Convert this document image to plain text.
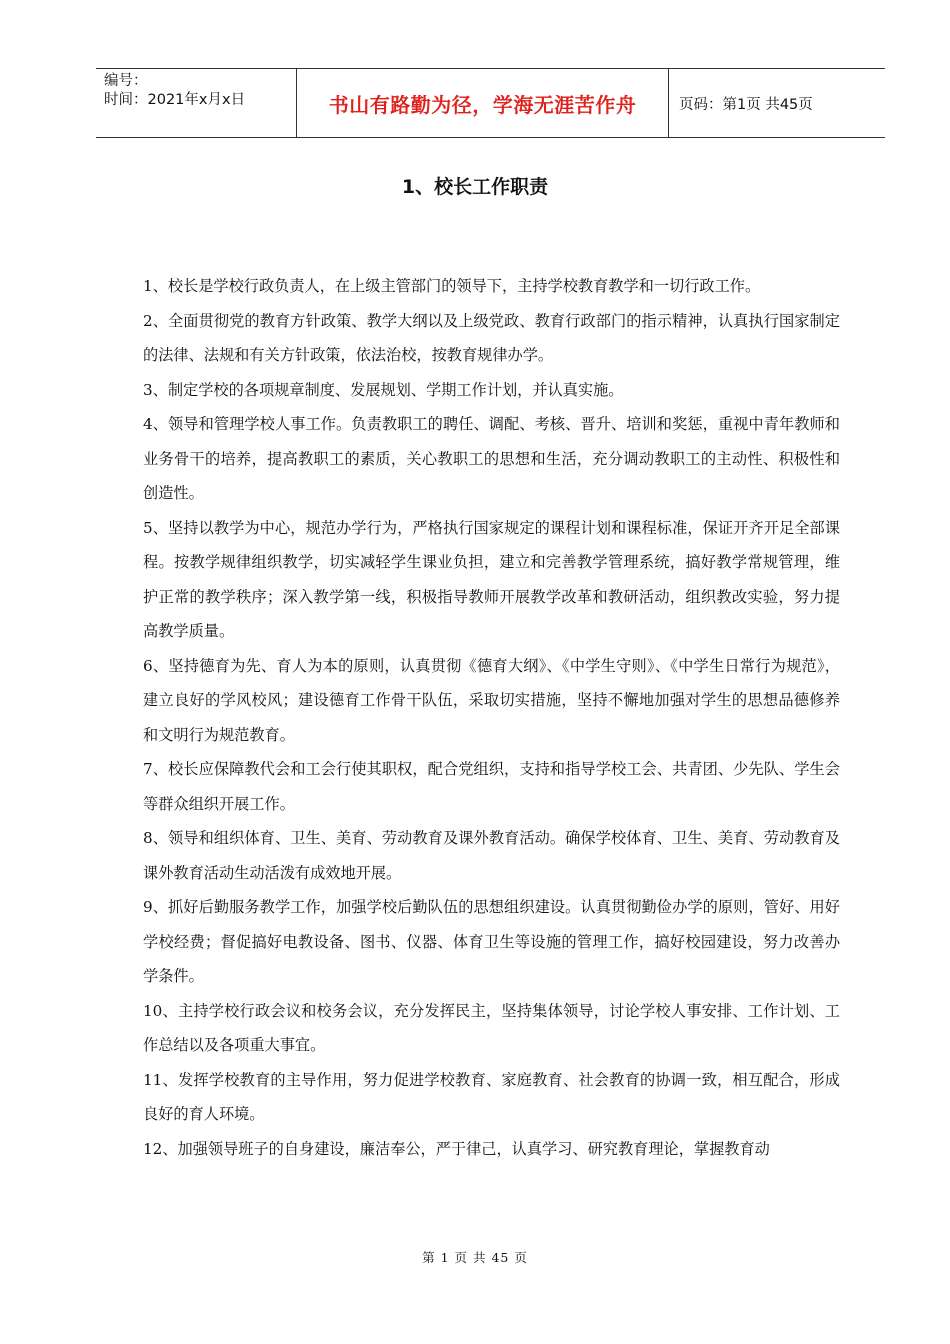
编号：
时间：2021年x月x日	书山有路勤为径，学海无涯苦作舟	页码：第1页 共45页
1、校长工作职责

1、校长是学校行政负责人，在上级主管部门的领导下，主持学校教育教学和一切行政工作。

2、全面贯彻党的教育方针政策、教学大纲以及上级党政、教育行政部门的指示精神，认真执行国家制定的法律、法规和有关方针政策，依法治校，按教育规律办学。

3、制定学校的各项规章制度、发展规划、学期工作计划，并认真实施。

4、领导和管理学校人事工作。负责教职工的聘任、调配、考核、晋升、培训和奖惩，重视中青年教师和业务骨干的培养，提高教职工的素质，关心教职工的思想和生活，充分调动教职工的主动性、积极性和创造性。

5、坚持以教学为中心，规范办学行为，严格执行国家规定的课程计划和课程标准，保证开齐开足全部课程。按教学规律组织教学，切实减轻学生课业负担，建立和完善教学管理系统，搞好教学常规管理，维护正常的教学秩序；深入教学第一线，积极指导教师开展教学改革和教研活动，组织教改实验，努力提高教学质量。

6、坚持德育为先、育人为本的原则，认真贯彻《德育大纲》、《中学生守则》、《中学生日常行为规范》，建立良好的学风校风；建设德育工作骨干队伍，采取切实措施，坚持不懈地加强对学生的思想品德修养和文明行为规范教育。

7、校长应保障教代会和工会行使其职权，配合党组织，支持和指导学校工会、共青团、少先队、学生会等群众组织开展工作。

8、领导和组织体育、卫生、美育、劳动教育及课外教育活动。确保学校体育、卫生、美育、劳动教育及课外教育活动生动活泼有成效地开展。

9、抓好后勤服务教学工作，加强学校后勤队伍的思想组织建设。认真贯彻勤俭办学的原则，管好、用好学校经费；督促搞好电教设备、图书、仪器、体育卫生等设施的管理工作，搞好校园建设，努力改善办学条件。

10、主持学校行政会议和校务会议，充分发挥民主，坚持集体领导，讨论学校人事安排、工作计划、工作总结以及各项重大事宜。

11、发挥学校教育的主导作用，努力促进学校教育、家庭教育、社会教育的协调一致，相互配合，形成良好的育人环境。

12、加强领导班子的自身建设，廉洁奉公，严于律己，认真学习、研究教育理论，掌握教育动

第 1 页 共 45 页
